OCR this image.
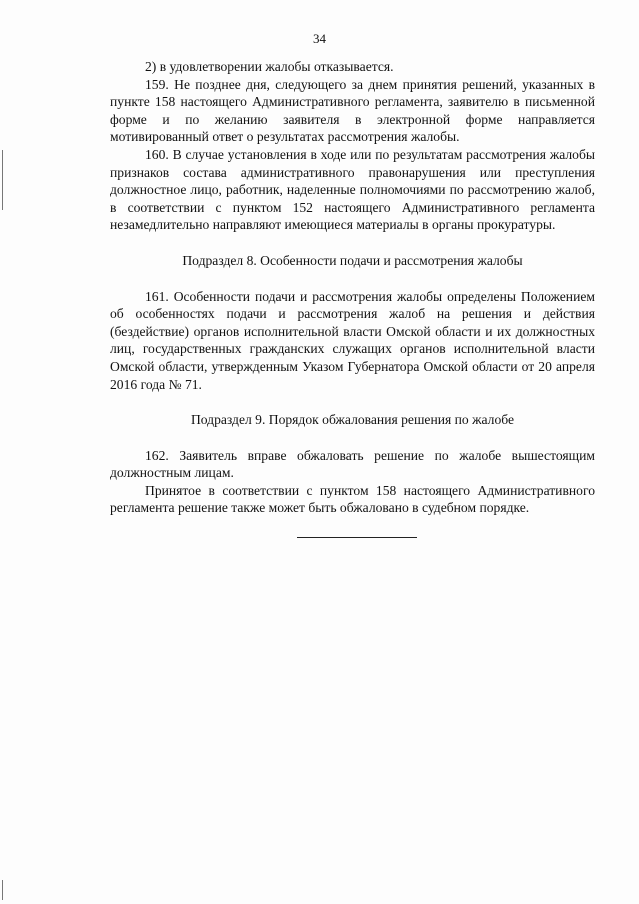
34

2) в удовлетворении жалобы отказывается.

159. Не позднее дня, следующего за днем принятия решений, указанных в пункте 158 настоящего Административного регламента, заявителю в письменной форме и по желанию заявителя в электронной форме направляется мотивированный ответ о результатах рассмотрения жалобы.

160. В случае установления в ходе или по результатам рассмотрения жалобы признаков состава административного правонарушения или преступления должностное лицо, работник, наделенные полномочиями по рассмотрению жалоб, в соответствии с пунктом 152 настоящего Административного регламента незамедлительно направляют имеющиеся материалы в органы прокуратуры.

Подраздел 8. Особенности подачи и рассмотрения жалобы

161. Особенности подачи и рассмотрения жалобы определены Положением об особенностях подачи и рассмотрения жалоб на решения и действия (бездействие) органов исполнительной власти Омской области и их должностных лиц, государственных гражданских служащих органов исполнительной власти Омской области, утвержденным Указом Губернатора Омской области от 20 апреля 2016 года № 71.

Подраздел 9. Порядок обжалования решения по жалобе

162. Заявитель вправе обжаловать решение по жалобе вышестоящим должностным лицам.

Принятое в соответствии с пунктом 158 настоящего Административного регламента решение также может быть обжаловано в судебном порядке.
